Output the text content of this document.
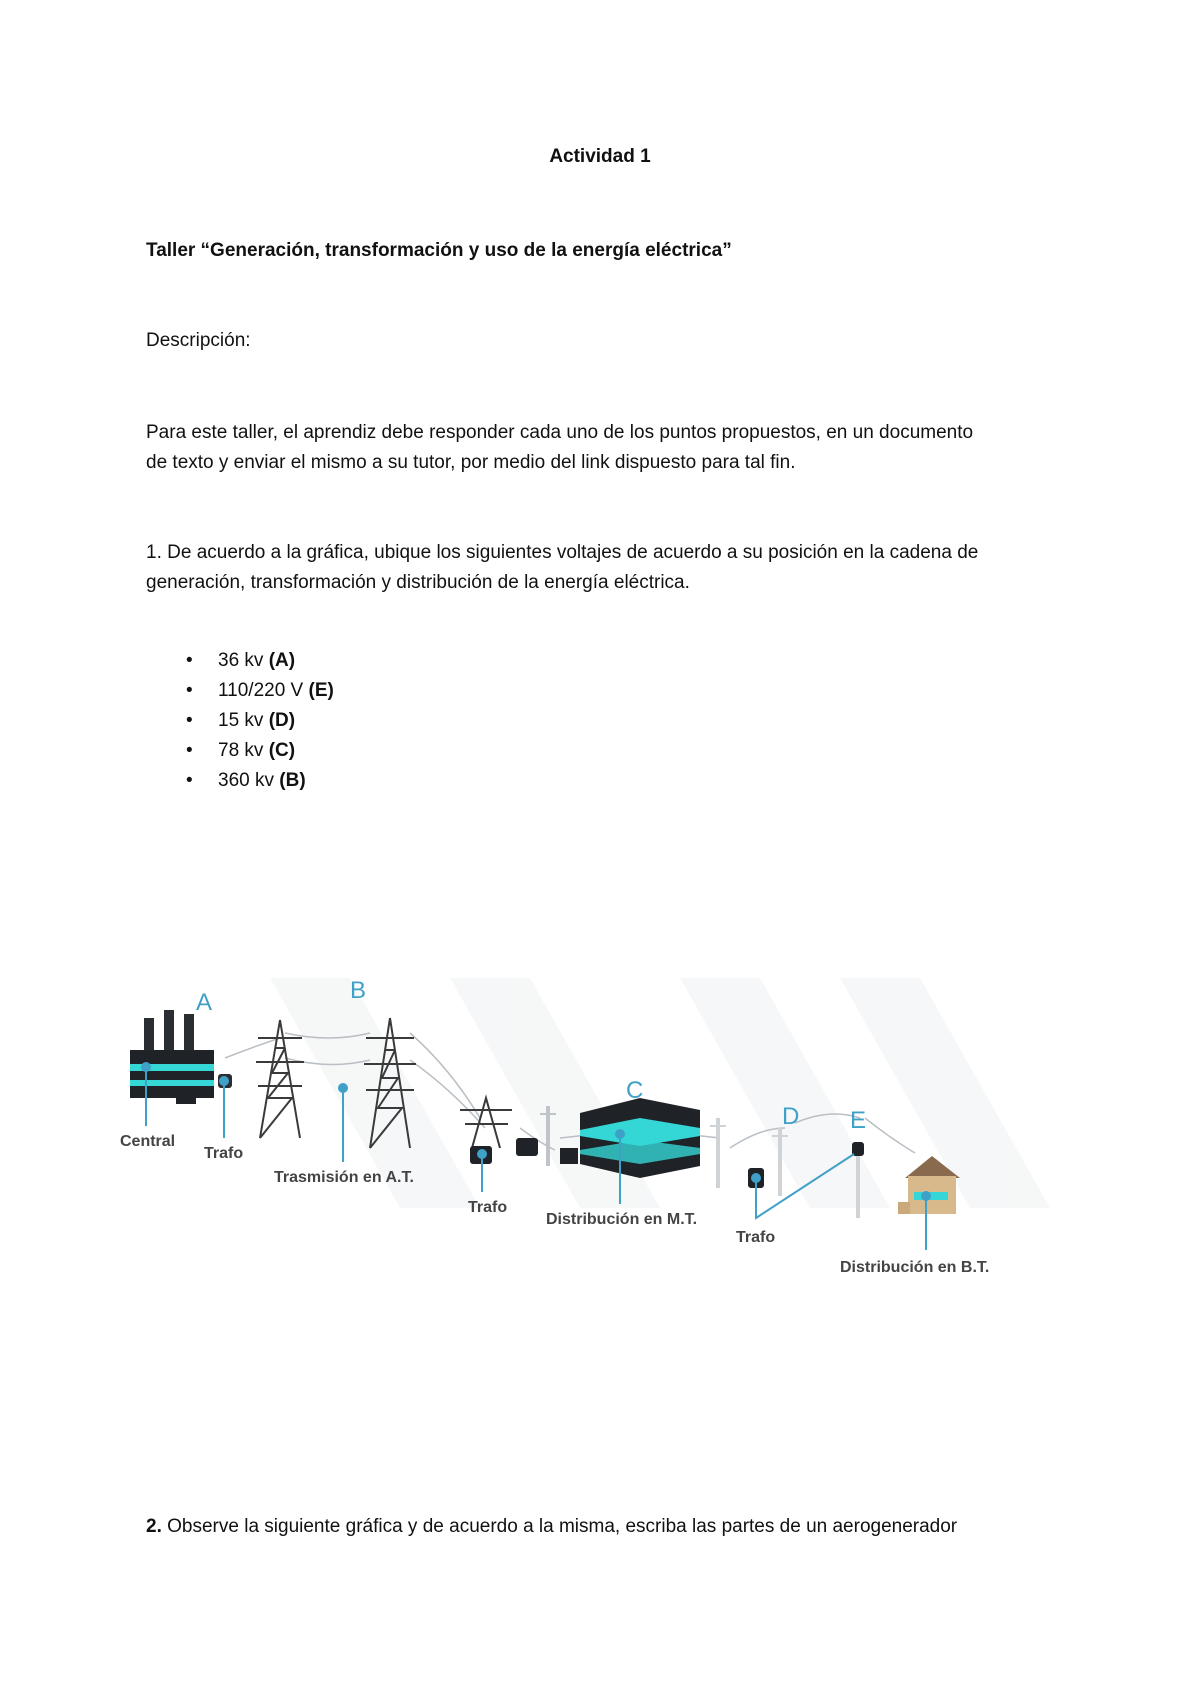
Actividad 1
Taller “Generación, transformación y uso de la energía eléctrica”
Descripción:
Para este taller, el aprendiz debe responder cada uno de los puntos propuestos, en un documento
de texto y enviar el mismo a su tutor, por medio del link dispuesto para tal fin.
1. De acuerdo a la gráfica, ubique los siguientes voltajes de acuerdo a su posición en la cadena de
generación, transformación y distribución de la energía eléctrica.
• 36 kv (A)
• 110/220 V (E)
• 15 kv (D)
• 78 kv (C)
• 360 kv (B)
A	B
C
D E
Central
Trafo
Trasmisión en A.T.
Trafo
Distribución en M.T.
Trafo
Distribución en B.T.
2. Observe la siguiente gráfica y de acuerdo a la misma, escriba las partes de un aerogenerador
